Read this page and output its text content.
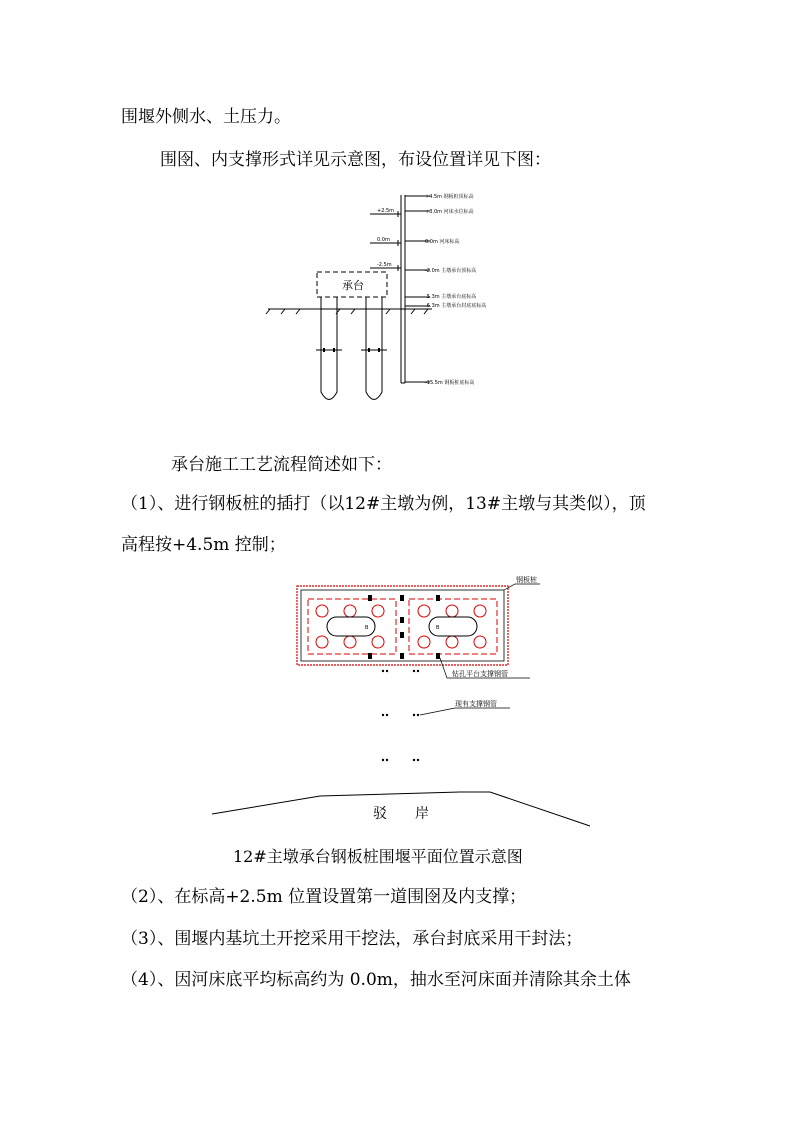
围堰外侧水、土压力。
围囹、内支撑形式详见示意图，布设位置详见下图：
+4.5m 钢板桩顶标高
+3.0m 河床水位标高
0.0m 河床标高
-2.0m 主墩承台顶标高
-5.3m 主墩承台底标高
-6.3m 主墩承台封底底标高
-15.5m 钢板桩底标高
+2.5m
0.0m
-2.5m
承台
承台施工工艺流程简述如下：
（1）、进行钢板桩的插打（以12#主墩为例，13#主墩与其类似），顶
高程按+4.5m 控制；
B	B
钢板桩
钻孔平台支撑钢管
现有支撑钢管
驳　　岸
12#主墩承台钢板桩围堰平面位置示意图
（2）、在标高+2.5m 位置设置第一道围囹及内支撑；
（3）、围堰内基坑土开挖采用干挖法，承台封底采用干封法；
（4）、因河床底平均标高约为 0.0m，抽水至河床面并清除其余土体
